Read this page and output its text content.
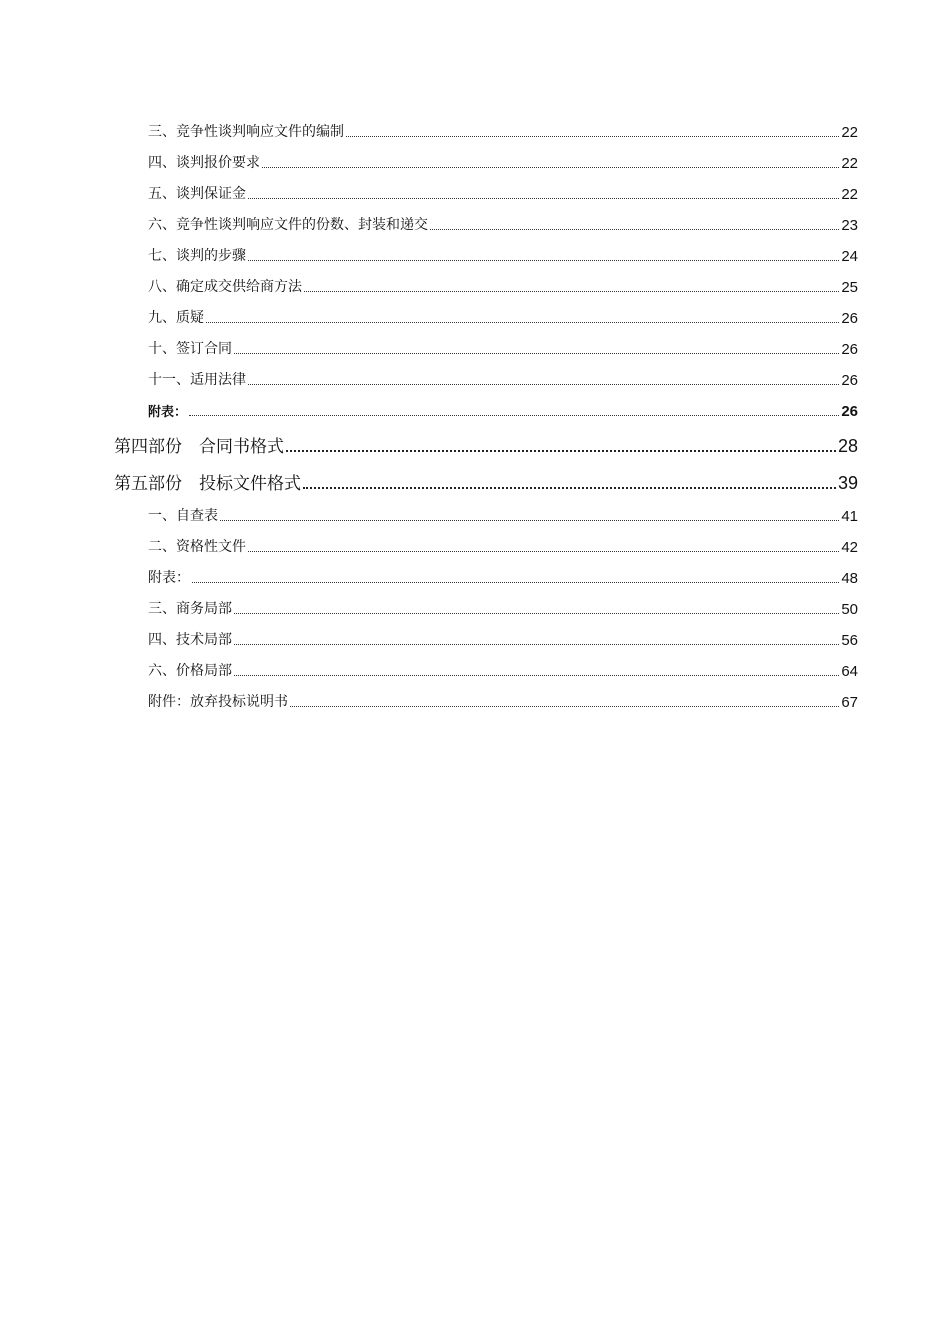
三、竞争性谈判响应文件的编制	22
四、谈判报价要求	22
五、谈判保证金	22
六、竞争性谈判响应文件的份数、封装和递交	23
七、谈判的步骤	24
八、确定成交供给商方法	25
九、质疑	26
十、签订合同	26
十一、适用法律	26
附表：	26
第四部份　合同书格式	28
第五部份　投标文件格式	39
一、自查表	41
二、资格性文件	42
附表：	48
三、商务局部	50
四、技术局部	56
六、价格局部	64
附件：放弃投标说明书	67
